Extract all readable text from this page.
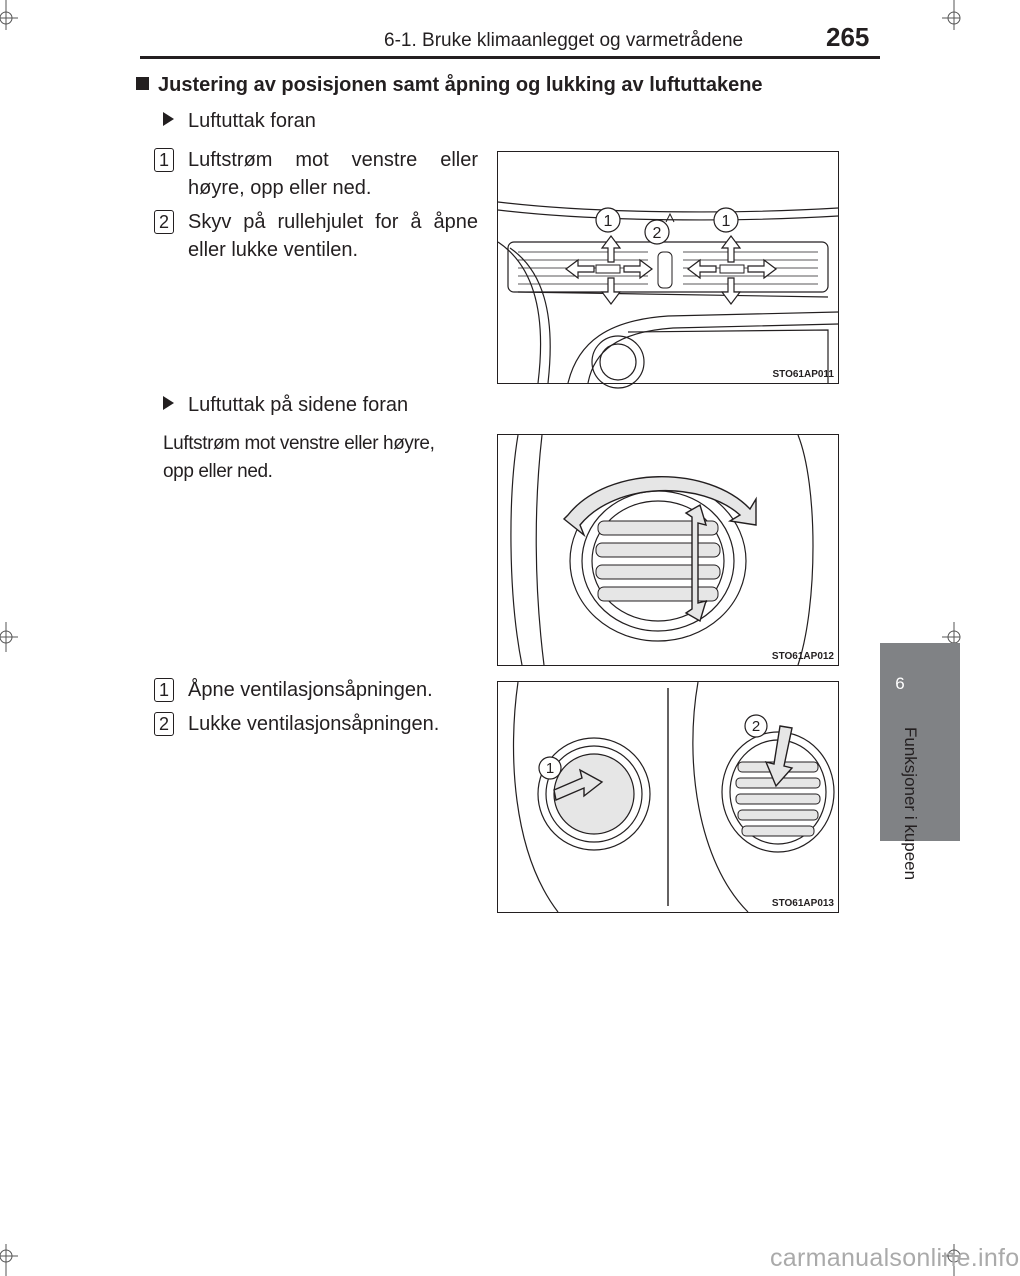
6-1. Bruke klimaanlegget og varmetrådene	265
6
Funksjoner i kupeen
Justering av posisjonen samt åpning og lukking av luftuttakene
Luftuttak foran
1 Luftstrøm mot venstre eller
høyre, opp eller ned.
2 Skyv på rullehjulet for å åpne
eller lukke ventilen.
1
2
1
STO61AP011
Luftuttak på sidene foran
Luftstrøm mot venstre eller høyre,
opp eller ned.
STO61AP012
1 Åpne ventilasjonsåpningen.
2 Lukke ventilasjonsåpningen.
1
2
STO61AP013
carmanualsonline.info
